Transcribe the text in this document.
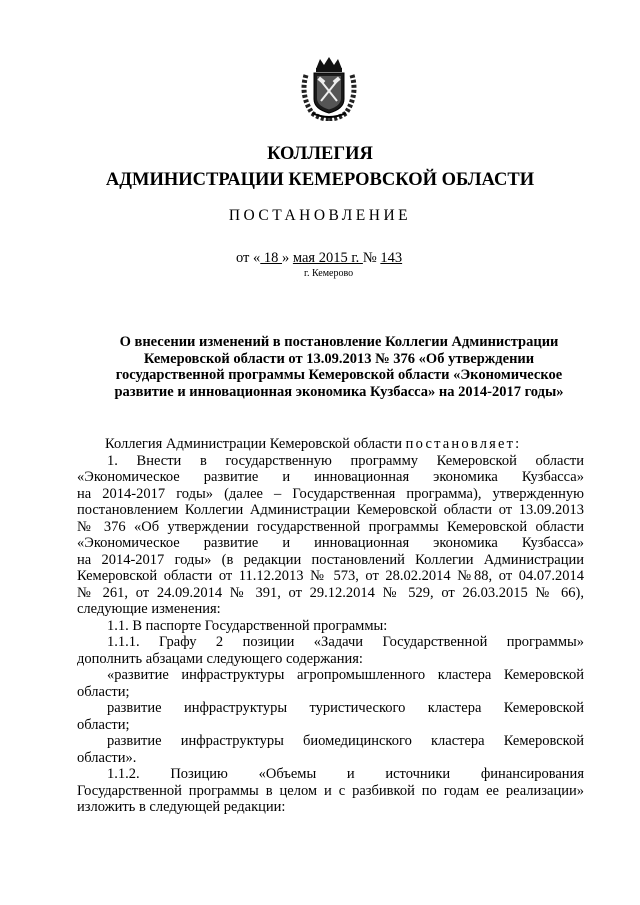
КОЛЛЕГИЯ
АДМИНИСТРАЦИИ КЕМЕРОВСКОЙ ОБЛАСТИ
ПОСТАНОВЛЕНИЕ
от « 18 » мая 2015 г. № 143
г. Кемерово
О внесении изменений в постановление Коллегии Администрации
Кемеровской области от 13.09.2013 № 376 «Об утверждении
государственной программы Кемеровской области «Экономическое
развитие и инновационная экономика Кузбасса» на 2014-2017 годы»
Коллегия Администрации Кемеровской области постановляет:
1. Внести в государственную программу Кемеровской области
«Экономическое развитие и инновационная экономика Кузбасса»
на 2014-2017 годы» (далее – Государственная программа), утвержденную
постановлением Коллегии Администрации Кемеровской области от 13.09.2013
№ 376 «Об утверждении государственной программы Кемеровской области
«Экономическое развитие и инновационная экономика Кузбасса»
на 2014-2017 годы» (в редакции постановлений Коллегии Администрации
Кемеровской области от 11.12.2013 № 573, от 28.02.2014 №88, от 04.07.2014
№ 261, от 24.09.2014 № 391, от 29.12.2014 № 529, от 26.03.2015 № 66),
следующие изменения:
1.1. В паспорте Государственной программы:
1.1.1. Графу 2 позиции «Задачи Государственной программы»
дополнить абзацами следующего содержания:
«развитие инфраструктуры агропромышленного кластера Кемеровской
области;
развитие инфраструктуры туристического кластера Кемеровской
области;
развитие инфраструктуры биомедицинского кластера Кемеровской
области».
1.1.2. Позицию «Объемы и источники финансирования
Государственной программы в целом и с разбивкой по годам ее реализации»
изложить в следующей редакции:
